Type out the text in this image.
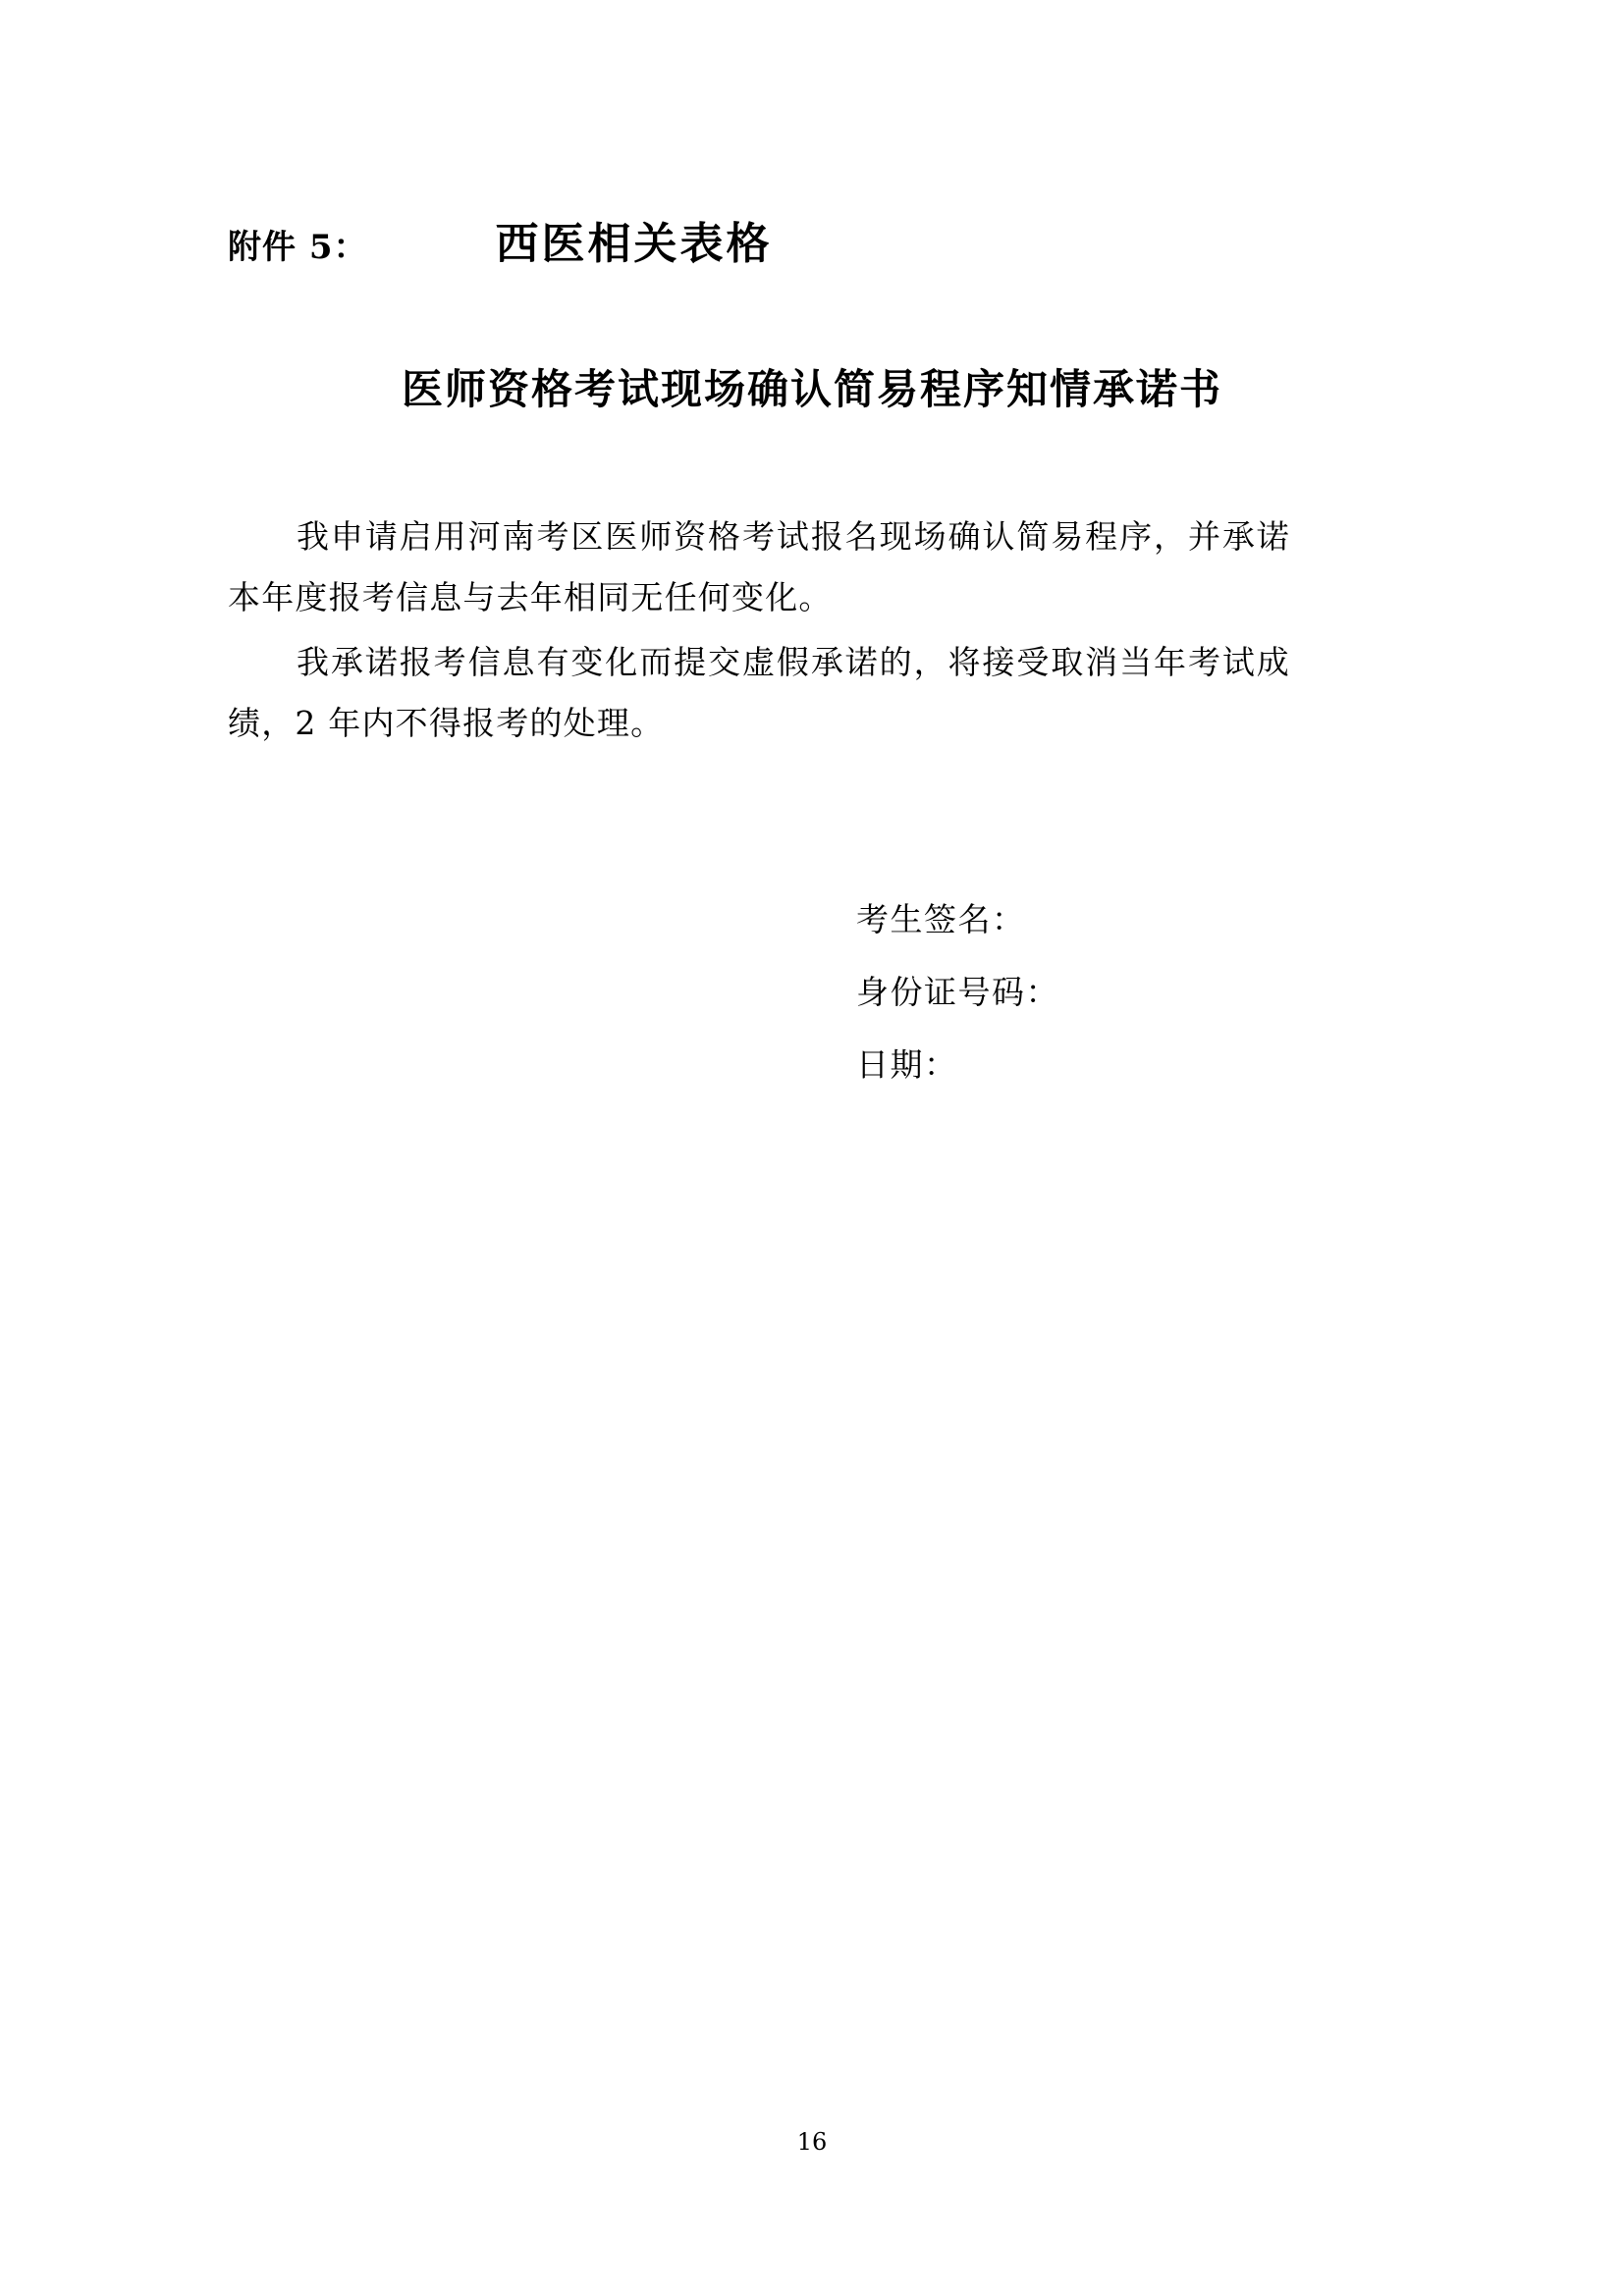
附件 5：	西医相关表格
医师资格考试现场确认简易程序知情承诺书

我申请启用河南考区医师资格考试报名现场确认简易程序，并承诺本年度报考信息与去年相同无任何变化。

我承诺报考信息有变化而提交虚假承诺的，将接受取消当年考试成绩，2 年内不得报考的处理。

考生签名：
身份证号码：
日期：
16
